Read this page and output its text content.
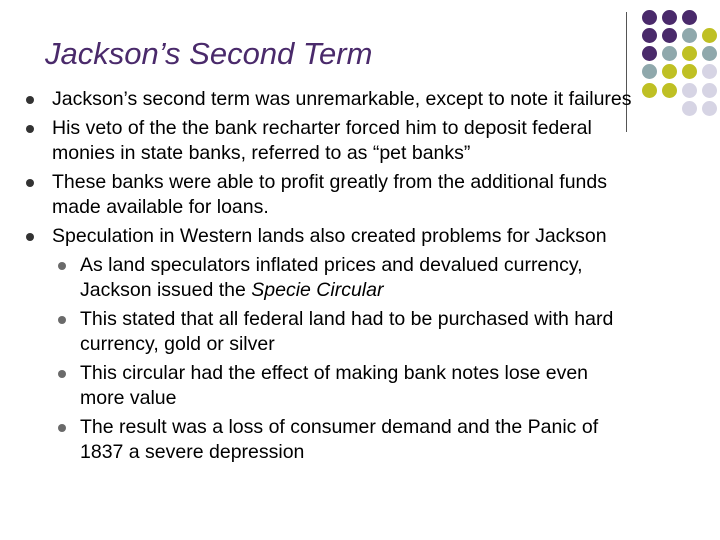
Jackson’s Second Term
Jackson’s second term was unremarkable, except to note it failures
His veto of the the bank recharter forced him to deposit federal monies in state banks, referred to as “pet banks”
These banks were able to profit greatly from the additional funds made available for loans.
Speculation in Western lands also created problems for Jackson
As land speculators inflated prices and devalued currency, Jackson issued the Specie Circular
This stated that all federal land had to be purchased with hard currency, gold or silver
This circular had the effect of making bank notes lose even more value
The result was a loss of consumer demand and the Panic of 1837 a severe depression
